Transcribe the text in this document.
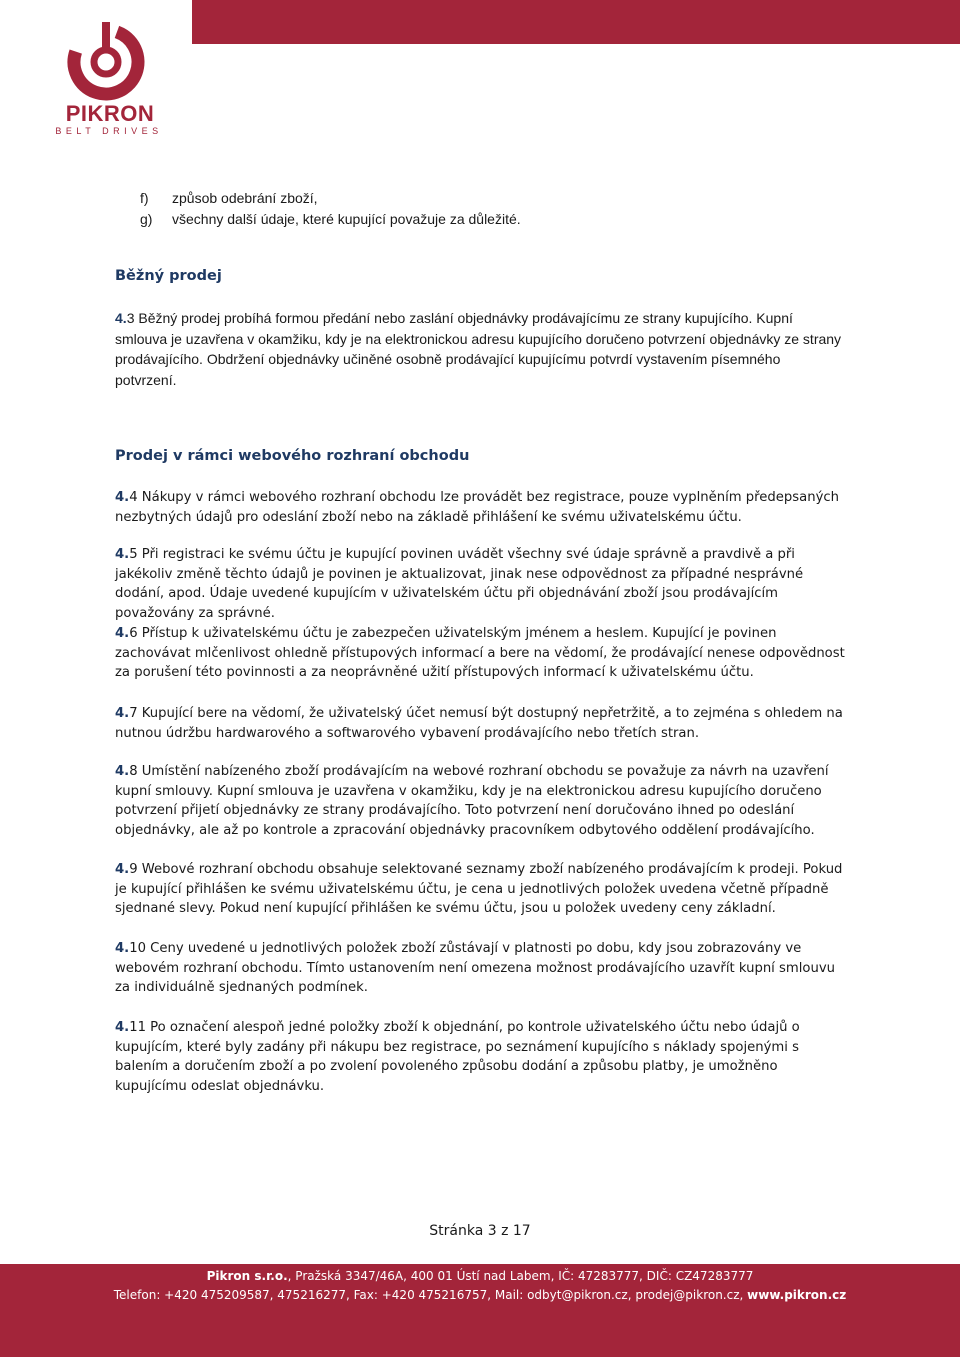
PIKRON
BELT DRIVES
f)	způsob odebrání zboží,
g)	všechny další údaje, které kupující považuje za důležité.
Běžný prodej
4.3 Běžný prodej probíhá formou předání nebo zaslání objednávky prodávajícímu ze strany kupujícího. Kupní smlouva je uzavřena v okamžiku, kdy je na elektronickou adresu kupujícího doručeno potvrzení objednávky ze strany prodávajícího. Obdržení objednávky učiněné osobně prodávající kupujícímu potvrdí vystavením písemného potvrzení.
Prodej v rámci webového rozhraní obchodu
4.4 Nákupy v rámci webového rozhraní obchodu lze provádět bez registrace, pouze vyplněním předepsaných nezbytných údajů pro odeslání zboží nebo na základě přihlášení ke svému uživatelskému účtu.
4.5 Při registraci ke svému účtu je kupující povinen uvádět všechny své údaje správně a pravdivě a při jakékoliv změně těchto údajů je povinen je aktualizovat, jinak nese odpovědnost za případné nesprávné dodání, apod. Údaje uvedené kupujícím v uživatelském účtu při objednávání zboží jsou prodávajícím považovány za správné.
4.6 Přístup k uživatelskému účtu je zabezpečen uživatelským jménem a heslem. Kupující je povinen zachovávat mlčenlivost ohledně přístupových informací a bere na vědomí, že prodávající nenese odpovědnost za porušení této povinnosti a za neoprávněné užití přístupových informací k uživatelskému účtu.
4.7 Kupující bere na vědomí, že uživatelský účet nemusí být dostupný nepřetržitě, a to zejména s ohledem na nutnou údržbu hardwarového a softwarového vybavení prodávajícího nebo třetích stran.
4.8 Umístění nabízeného zboží prodávajícím na webové rozhraní obchodu se považuje za návrh na uzavření kupní smlouvy. Kupní smlouva je uzavřena v okamžiku, kdy je na elektronickou adresu kupujícího doručeno potvrzení přijetí objednávky ze strany prodávajícího. Toto potvrzení není doručováno ihned po odeslání objednávky, ale až po kontrole a zpracování objednávky pracovníkem odbytového oddělení prodávajícího.
4.9 Webové rozhraní obchodu obsahuje selektované seznamy zboží nabízeného prodávajícím k prodeji. Pokud je kupující přihlášen ke svému uživatelskému účtu, je cena u jednotlivých položek uvedena včetně případně sjednané slevy. Pokud není kupující přihlášen ke svému účtu, jsou u položek uvedeny ceny základní.
4.10 Ceny uvedené u jednotlivých položek zboží zůstávají v platnosti po dobu, kdy jsou zobrazovány ve webovém rozhraní obchodu. Tímto ustanovením není omezena možnost prodávajícího uzavřít kupní smlouvu za individuálně sjednaných podmínek.
4.11 Po označení alespoň jedné položky zboží k objednání, po kontrole uživatelského účtu nebo údajů o kupujícím, které byly zadány při nákupu bez registrace, po seznámení kupujícího s náklady spojenými s balením a doručením zboží a po zvolení povoleného způsobu dodání a způsobu platby, je umožněno kupujícímu odeslat objednávku.
Stránka 3 z 17
Pikron s.r.o., Pražská 3347/46A, 400 01 Ústí nad Labem, IČ: 47283777, DIČ: CZ47283777
Telefon: +420 475209587, 475216277, Fax: +420 475216757, Mail: odbyt@pikron.cz, prodej@pikron.cz, www.pikron.cz
